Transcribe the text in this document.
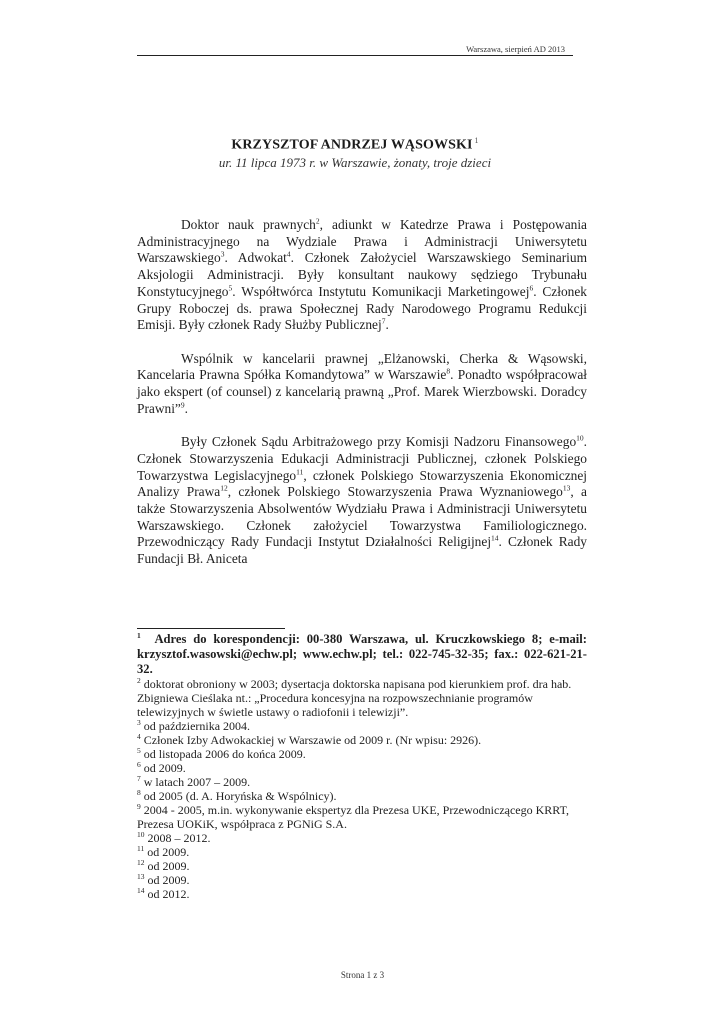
Warszawa, sierpień AD 2013
KRZYSZTOF ANDRZEJ WĄSOWSKI $^1$
ur. 11 lipca 1973 r. w Warszawie, żonaty, troje dzieci

Doktor nauk prawnych$^2$, adiunkt w Katedrze Prawa i Postępowania Administracyjnego na Wydziale Prawa i Administracji Uniwersytetu Warszawskiego$^3$. Adwokat$^4$. Członek Założyciel Warszawskiego Seminarium Aksjologii Administracji. Były konsultant naukowy sędziego Trybunału Konstytucyjnego$^5$. Współtwórca Instytutu Komunikacji Marketingowej$^6$. Członek Grupy Roboczej ds. prawa Społecznej Rady Narodowego Programu Redukcji Emisji. Były członek Rady Służby Publicznej$^7$.

Wspólnik w kancelarii prawnej „Elżanowski, Cherka & Wąsowski, Kancelaria Prawna Spółka Komandytowa” w Warszawie$^8$. Ponadto współpracował jako ekspert (of counsel) z kancelarią prawną „Prof. Marek Wierzbowski. Doradcy Prawni”$^9$.

Były Członek Sądu Arbitrażowego przy Komisji Nadzoru Finansowego$^{10}$. Członek Stowarzyszenia Edukacji Administracji Publicznej, członek Polskiego Towarzystwa Legislacyjnego$^{11}$, członek Polskiego Stowarzyszenia Ekonomicznej Analizy Prawa$^{12}$, członek Polskiego Stowarzyszenia Prawa Wyznaniowego$^{13}$, a także Stowarzyszenia Absolwentów Wydziału Prawa i Administracji Uniwersytetu Warszawskiego. Członek założyciel Towarzystwa Familiologicznego. Przewodniczący Rady Fundacji Instytut Działalności Religijnej$^{14}$. Członek Rady Fundacji Bł. Aniceta

$^1$  Adres do korespondencji: 00-380 Warszawa, ul. Kruczkowskiego 8; e-mail: krzysztof.wasowski@echw.pl; www.echw.pl; tel.: 022-745-32-35; fax.: 022-621-21-32.
$^2$ doktorat obroniony w 2003; dysertacja doktorska napisana pod kierunkiem prof. dra hab. Zbigniewa Cieślaka nt.: „Procedura koncesyjna na rozpowszechnianie programów telewizyjnych w świetle ustawy o radiofonii i telewizji”.
$^3$ od października 2004.
$^4$ Członek Izby Adwokackiej w Warszawie od 2009 r. (Nr wpisu: 2926).
$^5$ od listopada 2006 do końca 2009.
$^6$ od 2009.
$^7$ w latach 2007 – 2009.
$^8$ od 2005 (d. A. Horyńska & Wspólnicy).
$^9$ 2004 - 2005, m.in. wykonywanie ekspertyz dla Prezesa UKE, Przewodniczącego KRRT, Prezesa UOKiK, współpraca z PGNiG S.A.
$^{10}$ 2008 – 2012.
$^{11}$ od 2009.
$^{12}$ od 2009.
$^{13}$ od 2009.
$^{14}$ od 2012.
Strona 1 z 3
